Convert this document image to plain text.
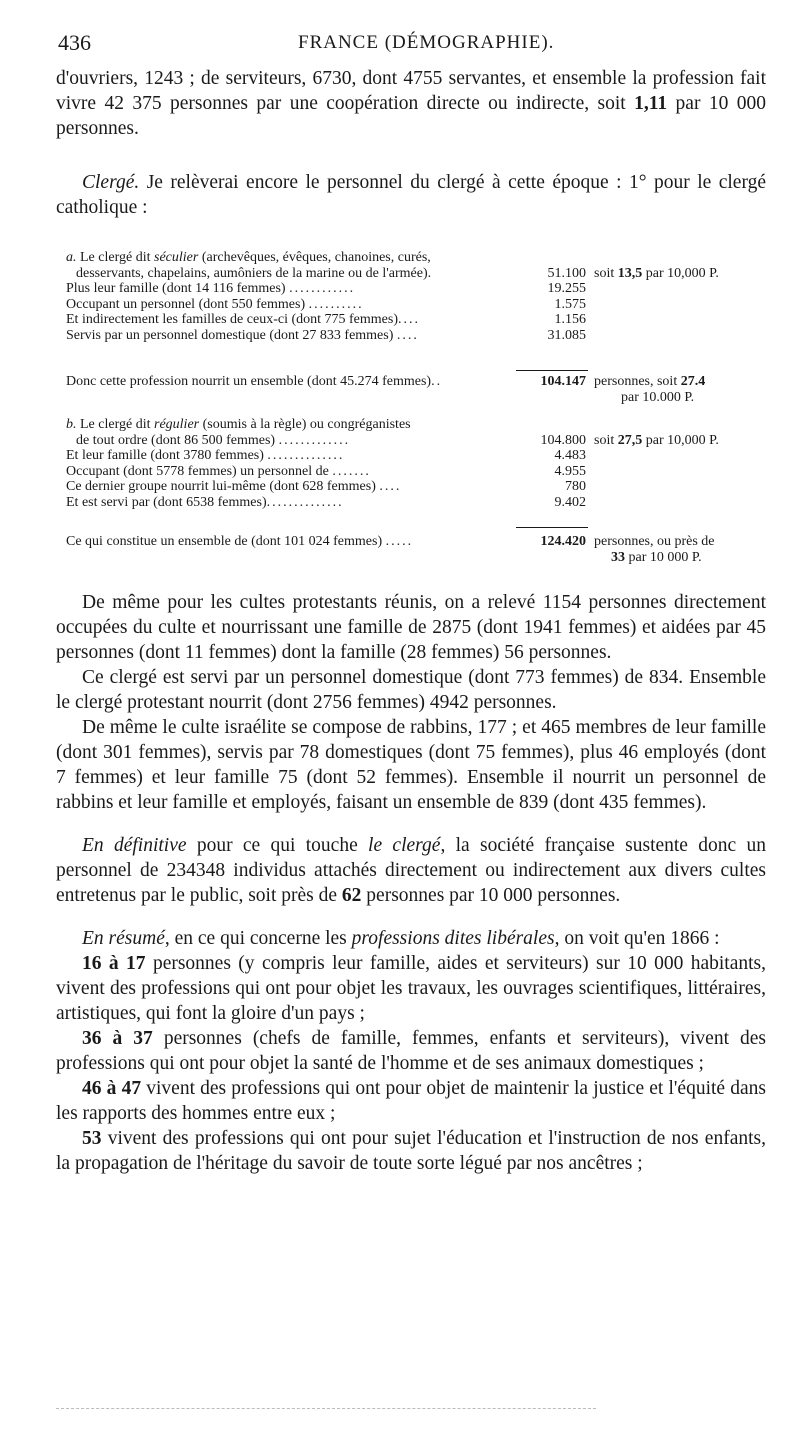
436	FRANCE (DÉMOGRAPHIE).

d'ouvriers, 1243 ; de serviteurs, 6730, dont 4755 servantes, et ensemble la profession fait vivre 42 375 personnes par une coopération directe ou indirecte, soit 1,11 par 10 000 personnes.

Clergé. Je relèverai encore le personnel du clergé à cette époque : 1° pour le clergé catholique :

a. Le clergé dit séculier (archevêques, évêques, chanoines, curés,
desservants, chapelains, aumôniers de la marine ou de l'armée).	51.100 soit 13,5 par 10,000 P.
Plus leur famille (dont 14 116 femmes) ............	19.255
Occupant un personnel (dont 550 femmes) ..........	1.575
Et indirectement les familles de ceux-ci (dont 775 femmes)....	1.156
Servis par un personnel domestique (dont 27 833 femmes) ....	31.085
Donc cette profession nourrit un ensemble (dont 45.274 femmes)..	104.147 personnes, soit 27.4
par 10.000 P.
b. Le clergé dit régulier (soumis à la règle) ou congréganistes
de tout ordre (dont 86 500 femmes) .............	104.800 soit 27,5 par 10,000 P.
Et leur famille (dont 3780 femmes) ..............	4.483
Occupant (dont 5778 femmes) un personnel de .......	4.955
Ce dernier groupe nourrit lui-même (dont 628 femmes) ....	780
Et est servi par (dont 6538 femmes)..............	9.402
Ce qui constitue un ensemble de (dont 101 024 femmes) .....	124.420 personnes, ou près de
33 par 10 000 P.

De même pour les cultes protestants réunis, on a relevé 1154 personnes directement occupées du culte et nourrissant une famille de 2875 (dont 1941 femmes) et aidées par 45 personnes (dont 11 femmes) dont la famille (28 femmes) 56 personnes.

Ce clergé est servi par un personnel domestique (dont 773 femmes) de 834. Ensemble le clergé protestant nourrit (dont 2756 femmes) 4942 personnes.

De même le culte israélite se compose de rabbins, 177 ; et 465 membres de leur famille (dont 301 femmes), servis par 78 domestiques (dont 75 femmes), plus 46 employés (dont 7 femmes) et leur famille 75 (dont 52 femmes). Ensemble il nourrit un personnel de rabbins et leur famille et employés, faisant un ensemble de 839 (dont 435 femmes).

En définitive pour ce qui touche le clergé, la société française sustente donc un personnel de 234348 individus attachés directement ou indirectement aux divers cultes entretenus par le public, soit près de 62 personnes par 10 000 personnes.

En résumé, en ce qui concerne les professions dites libérales, on voit qu'en 1866 :

16 à 17 personnes (y compris leur famille, aides et serviteurs) sur 10 000 habitants, vivent des professions qui ont pour objet les travaux, les ouvrages scientifiques, littéraires, artistiques, qui font la gloire d'un pays ;

36 à 37 personnes (chefs de famille, femmes, enfants et serviteurs), vivent des professions qui ont pour objet la santé de l'homme et de ses animaux domestiques ;

46 à 47 vivent des professions qui ont pour objet de maintenir la justice et l'équité dans les rapports des hommes entre eux ;

53 vivent des professions qui ont pour sujet l'éducation et l'instruction de nos enfants, la propagation de l'héritage du savoir de toute sorte légué par nos ancêtres ;
